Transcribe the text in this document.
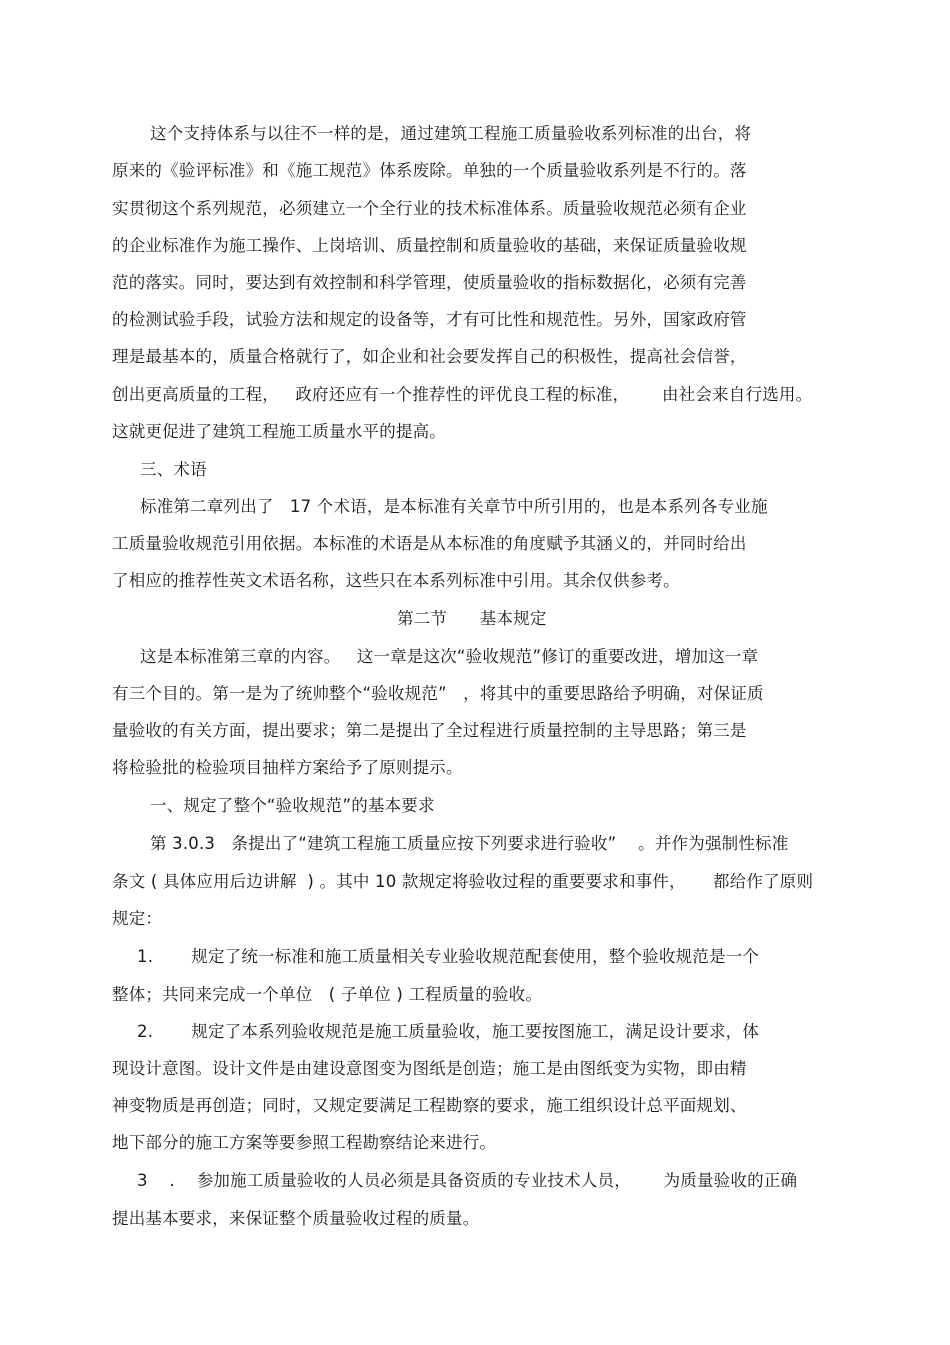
这个支持体系与以往不一样的是，通过建筑工程施工质量验收系列标准的出台，将
原来的《验评标准》和《施工规范》体系废除。单独的一个质量验收系列是不行的。落
实贯彻这个系列规范，必须建立一个全行业的技术标准体系。质量验收规范必须有企业
的企业标准作为施工操作、上岗培训、质量控制和质量验收的基础，来保证质量验收规
范的落实。同时，要达到有效控制和科学管理，使质量验收的指标数据化，必须有完善
的检测试验手段，试验方法和规定的设备等，才有可比性和规范性。另外，国家政府管
理是最基本的，质量合格就行了，如企业和社会要发挥自己的积极性，提高社会信誉，
创出更高质量的工程，   政府还应有一个推荐性的评优良工程的标准，      由社会来自行选用。
这就更促进了建筑工程施工质量水平的提高。
三、术语
标准第二章列出了   17 个术语，是本标准有关章节中所引用的，也是本系列各专业施
工质量验收规范引用依据。本标准的术语是从本标准的角度赋予其涵义的，并同时给出
了相应的推荐性英文术语名称，这些只在本系列标准中引用。其余仅供参考。
第二节      基本规定
这是本标准第三章的内容。   这一章是这次“验收规范”修订的重要改进，增加这一章
有三个目的。第一是为了统帅整个“验收规范”   ，将其中的重要思路给予明确，对保证质
量验收的有关方面，提出要求；第二是提出了全过程进行质量控制的主导思路；第三是
将检验批的检验项目抽样方案给予了原则提示。
一、规定了整个“验收规范”的基本要求
第 3.0.3   条提出了“建筑工程施工质量应按下列要求进行验收”    。并作为强制性标准
条文 ( 具体应用后边讲解  ) 。其中 10 款规定将验收过程的重要要求和事件，     都给作了原则
规定：
1.       规定了统一标准和施工质量相关专业验收规范配套使用，整个验收规范是一个
整体；共同来完成一个单位   ( 子单位 ) 工程质量的验收。
2.       规定了本系列验收规范是施工质量验收，施工要按图施工，满足设计要求，体
现设计意图。设计文件是由建设意图变为图纸是创造；施工是由图纸变为实物，即由精
神变物质是再创造；同时，又规定要满足工程勘察的要求，施工组织设计总平面规划、
地下部分的施工方案等要参照工程勘察结论来进行。
3    .    参加施工质量验收的人员必须是具备资质的专业技术人员，      为质量验收的正确
提出基本要求，来保证整个质量验收过程的质量。
